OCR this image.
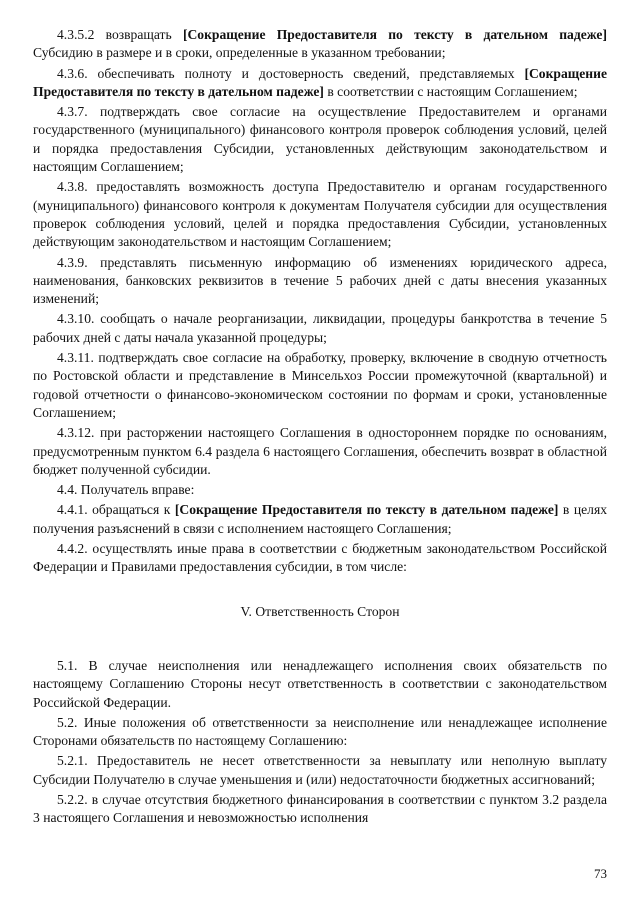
4.3.5.2 возвращать [Сокращение Предоставителя по тексту в дательном падеже] Субсидию в размере и в сроки, определенные в указанном требовании;

4.3.6. обеспечивать полноту и достоверность сведений, представляемых [Сокращение Предоставителя по тексту в дательном падеже] в соответствии с настоящим Соглашением;

4.3.7. подтверждать свое согласие на осуществление Предоставителем и органами государственного (муниципального) финансового контроля проверок соблюдения условий, целей и порядка предоставления Субсидии, установленных действующим законодательством и настоящим Соглашением;

4.3.8. предоставлять возможность доступа Предоставителю и органам государственного (муниципального) финансового контроля к документам Получателя субсидии для осуществления проверок соблюдения условий, целей и порядка предоставления Субсидии, установленных действующим законодательством и настоящим Соглашением;

4.3.9. представлять письменную информацию об изменениях юридического адреса, наименования, банковских реквизитов в течение 5 рабочих дней с даты внесения указанных изменений;

4.3.10. сообщать о начале реорганизации, ликвидации, процедуры банкротства в течение 5 рабочих дней с даты начала указанной процедуры;

4.3.11. подтверждать свое согласие на обработку, проверку, включение в сводную отчетность по Ростовской области и представление в Минсельхоз России промежуточной (квартальной) и годовой отчетности о финансово-экономическом состоянии по формам и сроки, установленные Соглашением;

4.3.12. при расторжении настоящего Соглашения в одностороннем порядке по основаниям, предусмотренным пунктом 6.4 раздела 6 настоящего Соглашения, обеспечить возврат в областной бюджет полученной субсидии.

4.4. Получатель вправе:

4.4.1. обращаться к [Сокращение Предоставителя по тексту в дательном падеже] в целях получения разъяснений в связи с исполнением настоящего Соглашения;

4.4.2. осуществлять иные права в соответствии с бюджетным законодательством Российской Федерации и Правилами предоставления субсидии, в том числе:

V. Ответственность Сторон

5.1. В случае неисполнения или ненадлежащего исполнения своих обязательств по настоящему Соглашению Стороны несут ответственность в соответствии с законодательством Российской Федерации.

5.2. Иные положения об ответственности за неисполнение или ненадлежащее исполнение Сторонами обязательств по настоящему Соглашению:

5.2.1. Предоставитель не несет ответственности за невыплату или неполную выплату Субсидии Получателю в случае уменьшения и (или) недостаточности бюджетных ассигнований;

5.2.2. в случае отсутствия бюджетного финансирования в соответствии с пунктом 3.2 раздела 3 настоящего Соглашения и невозможностью исполнения

73
